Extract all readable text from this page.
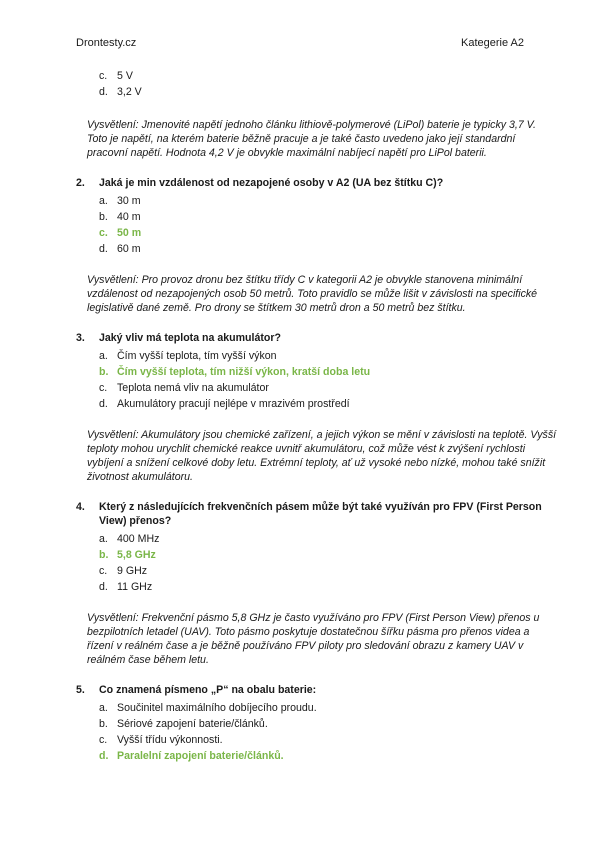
Drontesty.cz	Kategerie A2
c. 5 V
d. 3,2 V

Vysvětlení: Jmenovité napětí jednoho článku lithiově-polymerové (LiPol) baterie je typicky 3,7 V. Toto je napětí, na kterém baterie běžně pracuje a je také často uvedeno jako její standardní pracovní napětí. Hodnota 4,2 V je obvykle maximální nabíjecí napětí pro LiPol baterii.

2. Jaká je min vzdálenost od nezapojené osoby v A2 (UA bez štítku C)?
a. 30 m
b. 40 m
c. 50 m
d. 60 m

Vysvětlení: Pro provoz dronu bez štítku třídy C v kategorii A2 je obvykle stanovena minimální vzdálenost od nezapojených osob 50 metrů. Toto pravidlo se může lišit v závislosti na specifické legislativě dané země. Pro drony se štítkem 30 metrů dron a 50 metrů bez štítku.

3. Jaký vliv má teplota na akumulátor?
a. Čím vyšší teplota, tím vyšší výkon
b. Čím vyšší teplota, tím nižší výkon, kratší doba letu
c. Teplota nemá vliv na akumulátor
d. Akumulátory pracují nejlépe v mrazivém prostředí

Vysvětlení: Akumulátory jsou chemické zařízení, a jejich výkon se mění v závislosti na teplotě. Vyšší teploty mohou urychlit chemické reakce uvnitř akumulátoru, což může vést k zvýšení rychlosti vybíjení a snížení celkové doby letu. Extrémní teploty, ať už vysoké nebo nízké, mohou také snížit životnost akumulátoru.

4. Který z následujících frekvenčních pásem může být také využíván pro FPV (First Person View) přenos?
a. 400 MHz
b. 5,8 GHz
c. 9 GHz
d. 11 GHz

Vysvětlení: Frekvenční pásmo 5,8 GHz je často využíváno pro FPV (First Person View) přenos u bezpilotních letadel (UAV). Toto pásmo poskytuje dostatečnou šířku pásma pro přenos videa a řízení v reálném čase a je běžně používáno FPV piloty pro sledování obrazu z kamery UAV v reálném čase během letu.

5. Co znamená písmeno „P“ na obalu baterie:
a. Součinitel maximálního dobíjecího proudu.
b. Sériové zapojení baterie/článků.
c. Vyšší třídu výkonnosti.
d. Paralelní zapojení baterie/článků.
